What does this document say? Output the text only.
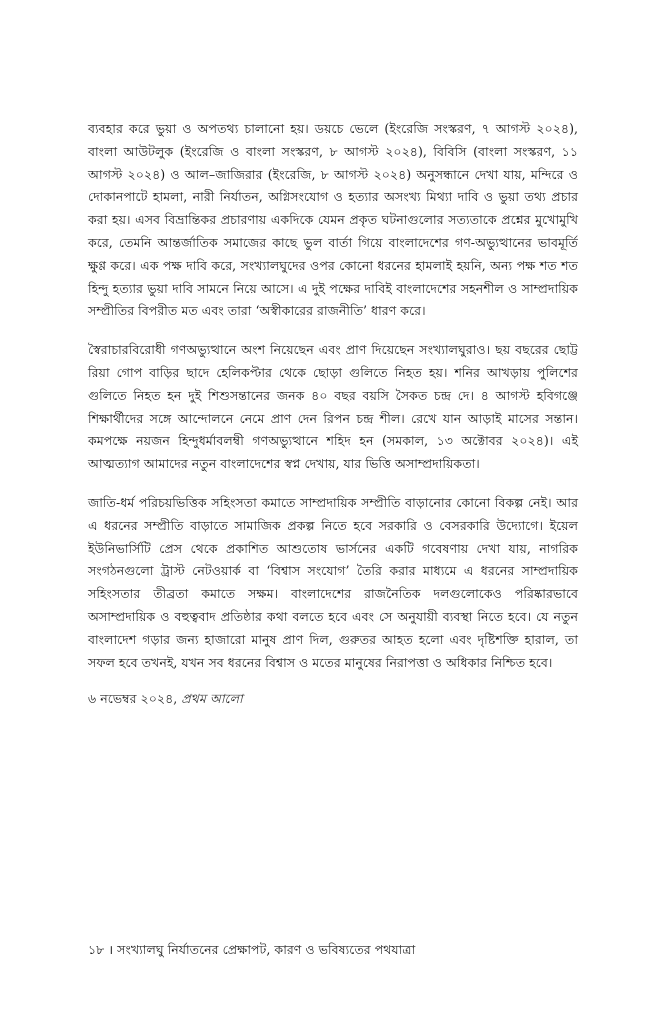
ব্যবহার করে ভুয়া ও অপতথ্য চালানো হয়। ডয়চে ভেলে (ইংরেজি সংস্করণ, ৭ আগস্ট ২০২৪), বাংলা আউটলুক (ইংরেজি ও বাংলা সংস্করণ, ৮ আগস্ট ২০২৪), বিবিসি (বাংলা সংস্করণ, ১১ আগস্ট ২০২৪) ও আল–জাজিরার (ইংরেজি, ৮ আগস্ট ২০২৪) অনুসন্ধানে দেখা যায়, মন্দিরে ও দোকানপাটে হামলা, নারী নির্যাতন, অগ্নিসংযোগ ও হত্যার অসংখ্য মিথ্যা দাবি ও ভুয়া তথ্য প্রচার করা হয়। এসব বিভ্রান্তিকর প্রচারণায় একদিকে যেমন প্রকৃত ঘটনাগুলোর সত্যতাকে প্রশ্নের মুখোমুখি করে, তেমনি আন্তর্জাতিক সমাজের কাছে ভুল বার্তা গিয়ে বাংলাদেশের গণ-অভ্যুত্থানের ভাবমূর্তি ক্ষুণ্ণ করে। এক পক্ষ দাবি করে, সংখ্যালঘুদের ওপর কোনো ধরনের হামলাই হয়নি, অন্য পক্ষ শত শত হিন্দু হত্যার ভুয়া দাবি সামনে নিয়ে আসে। এ দুই পক্ষের দাবিই বাংলাদেশের সহনশীল ও সাম্প্রদায়িক সম্প্রীতির বিপরীত মত এবং তারা ‘অস্বীকারের রাজনীতি’ ধারণ করে।

স্বৈরাচারবিরোধী গণঅভ্যুত্থানে অংশ নিয়েছেন এবং প্রাণ দিয়েছেন সংখ্যালঘুরাও। ছয় বছরের ছোট্ট রিয়া গোপ বাড়ির ছাদে হেলিকপ্টার থেকে ছোড়া গুলিতে নিহত হয়। শনির আখড়ায় পুলিশের গুলিতে নিহত হন দুই শিশুসন্তানের জনক ৪০ বছর বয়সি সৈকত চন্দ্র দে। ৪ আগস্ট হবিগঞ্জে শিক্ষার্থীদের সঙ্গে আন্দোলনে নেমে প্রাণ দেন রিপন চন্দ্র শীল। রেখে যান আড়াই মাসের সন্তান। কমপক্ষে নয়জন হিন্দুধর্মাবলম্বী গণঅভ্যুত্থানে শহিদ হন (সমকাল, ১৩ অক্টোবর ২০২৪)। এই আত্মত্যাগ আমাদের নতুন বাংলাদেশের স্বপ্ন দেখায়, যার ভিত্তি অসাম্প্রদায়িকতা।

জাতি-ধর্ম পরিচয়ভিত্তিক সহিংসতা কমাতে সাম্প্রদায়িক সম্প্রীতি বাড়ানোর কোনো বিকল্প নেই। আর এ ধরনের সম্প্রীতি বাড়াতে সামাজিক প্রকল্প নিতে হবে সরকারি ও বেসরকারি উদ্যোগে। ইয়েল ইউনিভার্সিটি প্রেস থেকে প্রকাশিত আশুতোষ ভার্সনের একটি গবেষণায় দেখা যায়, নাগরিক সংগঠনগুলো ট্রাস্ট নেটওয়ার্ক বা ‘বিশ্বাস সংযোগ’ তৈরি করার মাধ্যমে এ ধরনের সাম্প্রদায়িক সহিংসতার তীব্রতা কমাতে সক্ষম। বাংলাদেশের রাজনৈতিক দলগুলোকেও পরিষ্কারভাবে অসাম্প্রদায়িক ও বহুত্ববাদ প্রতিষ্ঠার কথা বলতে হবে এবং সে অনুযায়ী ব্যবস্থা নিতে হবে। যে নতুন বাংলাদেশ গড়ার জন্য হাজারো মানুষ প্রাণ দিল, গুরুতর আহত হলো এবং দৃষ্টিশক্তি হারাল, তা সফল হবে তখনই, যখন সব ধরনের বিশ্বাস ও মতের মানুষের নিরাপত্তা ও অধিকার নিশ্চিত হবে।

৬ নভেম্বর ২০২৪, প্রথম আলো

১৮ । সংখ্যালঘু নির্যাতনের প্রেক্ষাপট, কারণ ও ভবিষ্যতের পথযাত্রা
